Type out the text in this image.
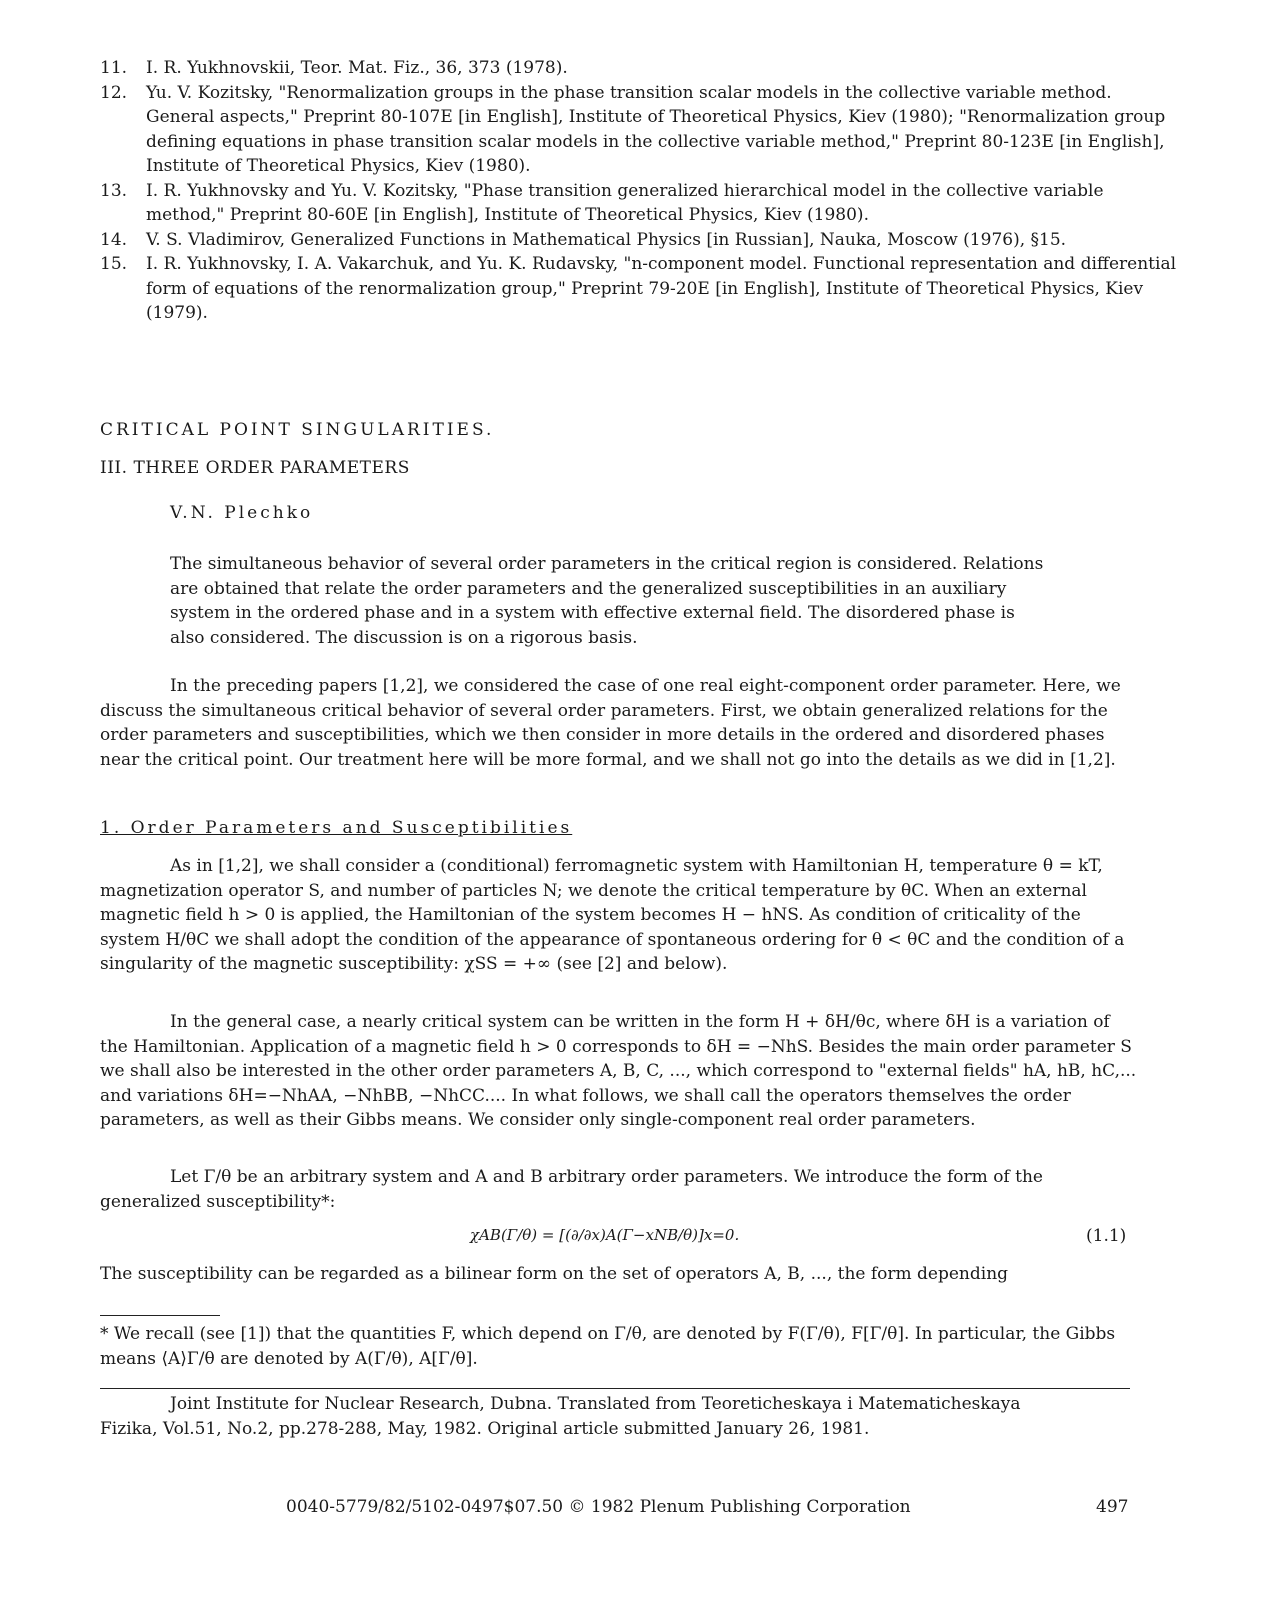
11. I. R. Yukhnovskii, Teor. Mat. Fiz., 36, 373 (1978).
12. Yu. V. Kozitsky, "Renormalization groups in the phase transition scalar models in the collective variable method. General aspects," Preprint 80-107E [in English], Institute of Theoretical Physics, Kiev (1980); "Renormalization group defining equations in phase transition scalar models in the collective variable method," Preprint 80-123E [in English], Institute of Theoretical Physics, Kiev (1980).
13. I. R. Yukhnovsky and Yu. V. Kozitsky, "Phase transition generalized hierarchical model in the collective variable method," Preprint 80-60E [in English], Institute of Theoretical Physics, Kiev (1980).
14. V. S. Vladimirov, Generalized Functions in Mathematical Physics [in Russian], Nauka, Moscow (1976), §15.
15. I. R. Yukhnovsky, I. A. Vakarchuk, and Yu. K. Rudavsky, "n-component model. Functional representation and differential form of equations of the renormalization group," Preprint 79-20E [in English], Institute of Theoretical Physics, Kiev (1979).
CRITICAL POINT SINGULARITIES.
III. THREE ORDER PARAMETERS
V.N. Plechko
The simultaneous behavior of several order parameters in the critical region is considered. Relations are obtained that relate the order parameters and the generalized susceptibilities in an auxiliary system in the ordered phase and in a system with effective external field. The disordered phase is also considered. The discussion is on a rigorous basis.

In the preceding papers [1,2], we considered the case of one real eight-component order parameter. Here, we discuss the simultaneous critical behavior of several order parameters. First, we obtain generalized relations for the order parameters and susceptibilities, which we then consider in more details in the ordered and disordered phases near the critical point. Our treatment here will be more formal, and we shall not go into the details as we did in [1,2].

1. Order Parameters and Susceptibilities

As in [1,2], we shall consider a (conditional) ferromagnetic system with Hamiltonian H, temperature θ = kT, magnetization operator S, and number of particles N; we denote the critical temperature by θC. When an external magnetic field h > 0 is applied, the Hamiltonian of the system becomes H − hNS. As condition of criticality of the system H/θC we shall adopt the condition of the appearance of spontaneous ordering for θ < θC and the condition of a singularity of the magnetic susceptibility: χSS = +∞ (see [2] and below).

In the general case, a nearly critical system can be written in the form H + δH/θc, where δH is a variation of the Hamiltonian. Application of a magnetic field h > 0 corresponds to δH = −NhS. Besides the main order parameter S we shall also be interested in the other order parameters A, B, C, ..., which correspond to "external fields" hA, hB, hC,... and variations δH=−NhAA, −NhBB, −NhCC.... In what follows, we shall call the operators themselves the order parameters, as well as their Gibbs means. We consider only single-component real order parameters.

Let Γ/θ be an arbitrary system and A and B arbitrary order parameters. We introduce the form of the generalized susceptibility*:

χAB(Γ/θ) = [(∂/∂x)A(Γ−xNB/θ)]x=0.	(1.1)
The susceptibility can be regarded as a bilinear form on the set of operators A, B, ..., the form depending
* We recall (see [1]) that the quantities F, which depend on Γ/θ, are denoted by F(Γ/θ), F[Γ/θ]. In particular, the Gibbs means ⟨A⟩Γ/θ are denoted by A(Γ/θ), A[Γ/θ].
Joint Institute for Nuclear Research, Dubna. Translated from Teoreticheskaya i Matematicheskaya
Fizika, Vol.51, No.2, pp.278-288, May, 1982. Original article submitted January 26, 1981.
0040-5779/82/5102-0497$07.50 © 1982 Plenum Publishing Corporation	497
